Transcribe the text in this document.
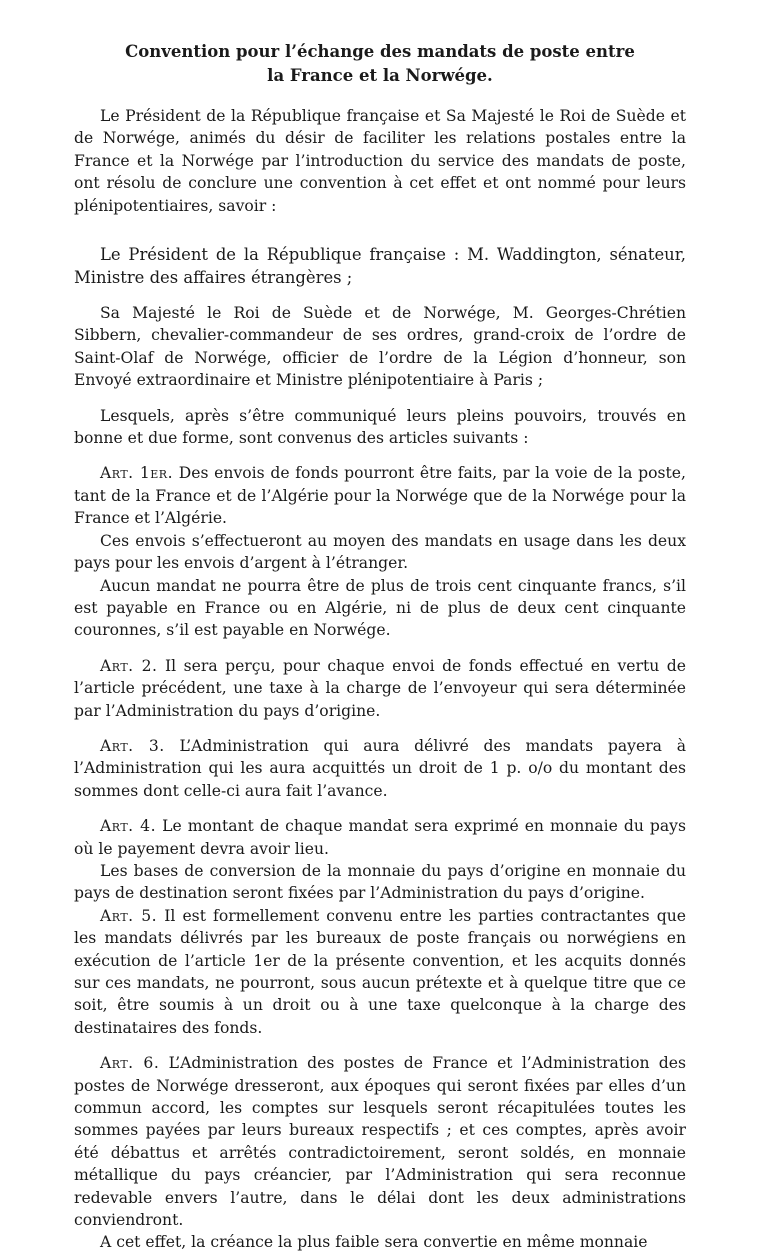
Convention pour l’échange des mandats de poste entre
la France et la Norwége.

Le Président de la République française et Sa Majesté le Roi de Suède et de Norwége, animés du désir de faciliter les relations postales entre la France et la Norwége par l’introduction du service des mandats de poste, ont résolu de conclure une convention à cet effet et ont nommé pour leurs plénipotentiaires, savoir :

Le Président de la République française : M. Waddington, sénateur, Ministre des affaires étrangères ;

Sa Majesté le Roi de Suède et de Norwége, M. Georges-Chrétien Sibbern, chevalier-commandeur de ses ordres, grand-croix de l’ordre de Saint-Olaf de Norwége, officier de l’ordre de la Légion d’honneur, son Envoyé extraordinaire et Ministre plénipotentiaire à Paris ;

Lesquels, après s’être communiqué leurs pleins pouvoirs, trouvés en bonne et due forme, sont convenus des articles suivants :

Art. 1er. Des envois de fonds pourront être faits, par la voie de la poste, tant de la France et de l’Algérie pour la Norwége que de la Norwége pour la France et l’Algérie.

Ces envois s’effectueront au moyen des mandats en usage dans les deux pays pour les envois d’argent à l’étranger.

Aucun mandat ne pourra être de plus de trois cent cinquante francs, s’il est payable en France ou en Algérie, ni de plus de deux cent cinquante couronnes, s’il est payable en Norwége.

Art. 2. Il sera perçu, pour chaque envoi de fonds effectué en vertu de l’article précédent, une taxe à la charge de l’envoyeur qui sera déterminée par l’Administration du pays d’origine.

Art. 3. L’Administration qui aura délivré des mandats payera à l’Administration qui les aura acquittés un droit de 1 p. o/o du montant des sommes dont celle-ci aura fait l’avance.

Art. 4. Le montant de chaque mandat sera exprimé en monnaie du pays où le payement devra avoir lieu.

Les bases de conversion de la monnaie du pays d’origine en monnaie du pays de destination seront fixées par l’Administration du pays d’origine.

Art. 5. Il est formellement convenu entre les parties contractantes que les mandats délivrés par les bureaux de poste français ou norwégiens en exécution de l’article 1er de la présente convention, et les acquits donnés sur ces mandats, ne pourront, sous aucun prétexte et à quelque titre que ce soit, être soumis à un droit ou à une taxe quelconque à la charge des destinataires des fonds.

Art. 6. L’Administration des postes de France et l’Administration des postes de Norwége dresseront, aux époques qui seront fixées par elles d’un commun accord, les comptes sur lesquels seront récapitulées toutes les sommes payées par leurs bureaux respectifs ; et ces comptes, après avoir été débattus et arrêtés contradictoirement, seront soldés, en monnaie métallique du pays créancier, par l’Administration qui sera reconnue redevable envers l’autre, dans le délai dont les deux administrations conviendront.

A cet effet, la créance la plus faible sera convertie en même monnaie
